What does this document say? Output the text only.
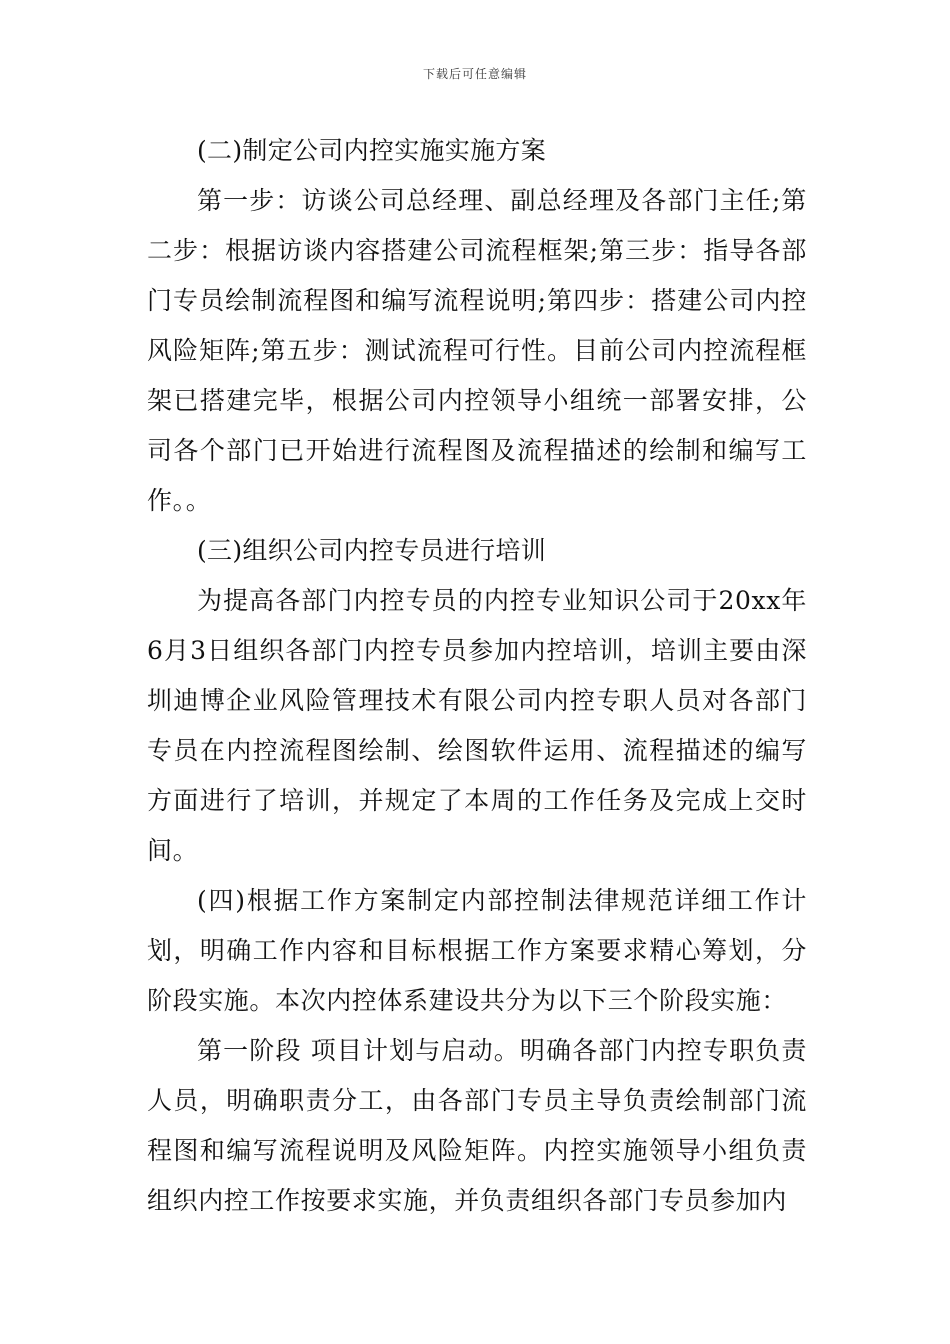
下载后可任意编辑

(二)制定公司内控实施实施方案

第一步：访谈公司总经理、副总经理及各部门主任;第二步：根据访谈内容搭建公司流程框架;第三步：指导各部门专员绘制流程图和编写流程说明;第四步：搭建公司内控风险矩阵;第五步：测试流程可行性。目前公司内控流程框架已搭建完毕，根据公司内控领导小组统一部署安排，公司各个部门已开始进行流程图及流程描述的绘制和编写工作。。

(三)组织公司内控专员进行培训

为提高各部门内控专员的内控专业知识公司于20xx年6月3日组织各部门内控专员参加内控培训，培训主要由深圳迪博企业风险管理技术有限公司内控专职人员对各部门专员在内控流程图绘制、绘图软件运用、流程描述的编写方面进行了培训，并规定了本周的工作任务及完成上交时间。

(四)根据工作方案制定内部控制法律规范详细工作计划，明确工作内容和目标根据工作方案要求精心筹划，分阶段实施。本次内控体系建设共分为以下三个阶段实施：

第一阶段 项目计划与启动。明确各部门内控专职负责人员，明确职责分工，由各部门专员主导负责绘制部门流程图和编写流程说明及风险矩阵。内控实施领导小组负责组织内控工作按要求实施，并负责组织各部门专员参加内
